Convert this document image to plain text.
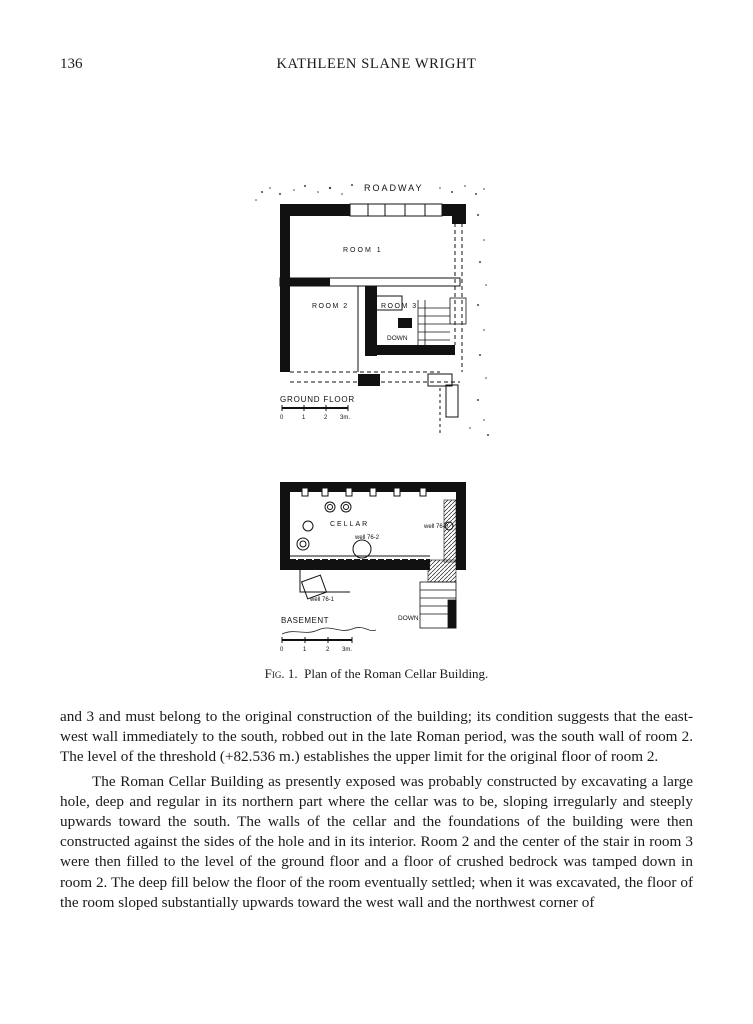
136	KATHLEEN SLANE WRIGHT
ROADWAY
ROOM 1
ROOM 2	ROOM 3
DOWN
GROUND FLOOR
0	1	2 3m.
CELLAR
well 76-2
well 76-0
well 76-1
DOWN
BASEMENT
0	1	2 3m.
Fig. 1. Plan of the Roman Cellar Building.

and 3 and must belong to the original construction of the building; its condition suggests that the east-west wall immediately to the south, robbed out in the late Roman period, was the south wall of room 2. The level of the threshold (+82.536 m.) establishes the upper limit for the original floor of room 2.

The Roman Cellar Building as presently exposed was probably constructed by excavating a large hole, deep and regular in its northern part where the cellar was to be, sloping irregularly and steeply upwards toward the south. The walls of the cellar and the foundations of the building were then constructed against the sides of the hole and in its interior. Room 2 and the center of the stair in room 3 were then filled to the level of the ground floor and a floor of crushed bedrock was tamped down in room 2. The deep fill below the floor of the room eventually settled; when it was excavated, the floor of the room sloped substantially upwards toward the west wall and the northwest corner of
